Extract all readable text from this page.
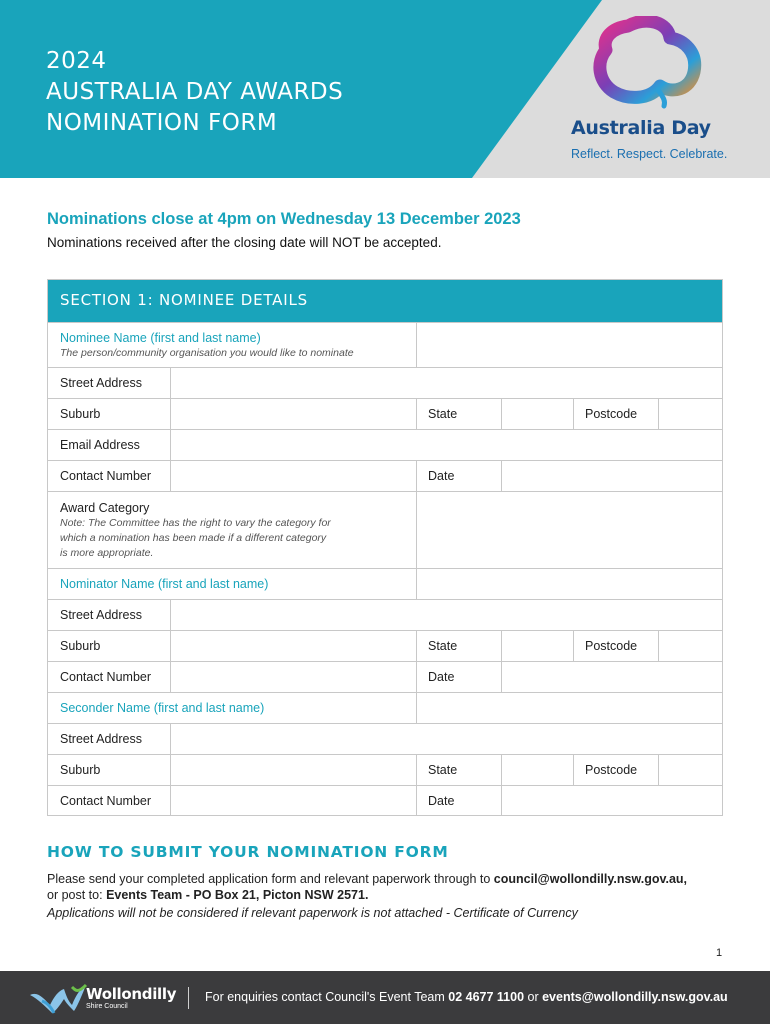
2024
AUSTRALIA DAY AWARDS
NOMINATION FORM	Australia Day
Reflect. Respect. Celebrate.
Nominations close at 4pm on Wednesday 13 December 2023
Nominations received after the closing date will NOT be accepted.
SECTION 1: NOMINEE DETAILS
Nominee Name (first and last name)
The person/community organisation you would like to nominate
Street Address
Suburb	State	Postcode
Email Address
Contact Number	Date
Award Category
Note: The Committee has the right to vary the category for
which a nomination has been made if a different category
is more appropriate.
Nominator Name (first and last name)
Street Address
Suburb	State	Postcode
Contact Number	Date
Seconder Name (first and last name)
Street Address
Suburb	State	Postcode
Contact Number	Date
HOW TO SUBMIT YOUR NOMINATION FORM
Please send your completed application form and relevant paperwork through to council@wollondilly.nsw.gov.au,
or post to: Events Team - PO Box 21, Picton NSW 2571.
Applications will not be considered if relevant paperwork is not attached - Certificate of Currency
1
Wollondilly
Shire Council
For enquiries contact Council's Event Team 02 4677 1100 or events@wollondilly.nsw.gov.au
